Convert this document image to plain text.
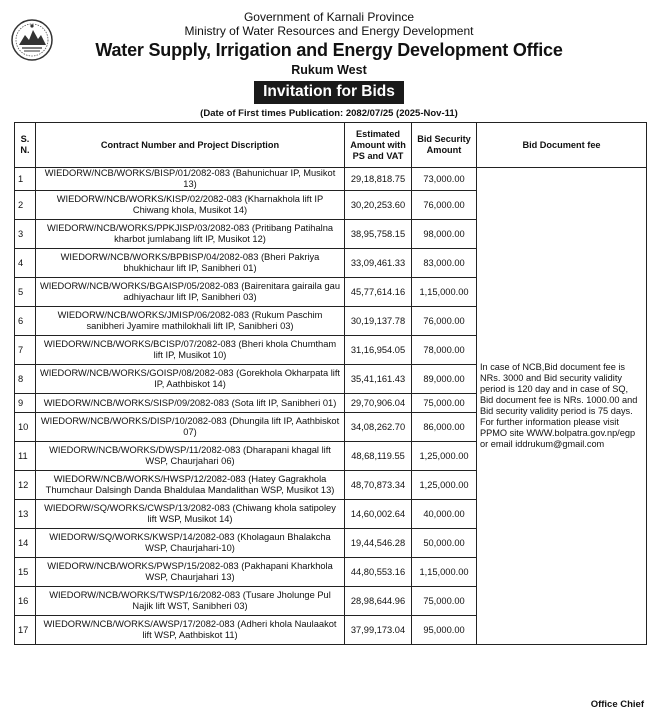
Government of Karnali Province
Ministry of Water Resources and Energy Development
Water Supply, Irrigation and Energy Development Office
Rukum West
Invitation for Bids
(Date of First times Publication: 2082/07/25 (2025-Nov-11)
S. N.	Contract Number and Project Discription	Estimated Amount with PS and VAT	Bid Security Amount	Bid Document fee
1	WIEDORW/NCB/WORKS/BISP/01/2082-083 (Bahunichuar IP, Musikot 13)	29,18,818.75	73,000.00	In case of NCB,Bid document fee is NRs. 3000 and Bid security validity period is 120 day and in case of SQ, Bid document fee is NRs. 1000.00 and Bid security validity period is 75 days. For further information please visit PPMO site WWW.bolpatra.gov.np/egp or email iddrukum@gmail.com
2	WIEDORW/NCB/WORKS/KISP/02/2082-083 (Kharnakhola lift IP Chiwang khola, Musikot 14)	30,20,253.60	76,000.00	
3	WIEDORW/NCB/WORKS/PPKJISP/03/2082-083 (Pritibang Patihalna kharbot jumlabang lift IP, Musikot 12)	38,95,758.15	98,000.00	
4	WIEDORW/NCB/WORKS/BPBISP/04/2082-083 (Bheri Pakriya bhukhichaur lift IP, Sanibheri 01)	33,09,461.33	83,000.00	
5	WIEDORW/NCB/WORKS/BGAISP/05/2082-083 (Bairenitara gairaila gau adhiyachaur lift IP, Sanibheri 03)	45,77,614.16	1,15,000.00	
6	WIEDORW/NCB/WORKS/JMISP/06/2082-083 (Rukum Paschim sanibheri Jyamire mathilokhali lift IP, Sanibheri 03)	30,19,137.78	76,000.00	
7	WIEDORW/NCB/WORKS/BCISP/07/2082-083 (Bheri khola Chumtham lift IP, Musikot 10)	31,16,954.05	78,000.00	
8	WIEDORW/NCB/WORKS/GOISP/08/2082-083 (Gorekhola Okharpata lift IP, Aathbiskot 14)	35,41,161.43	89,000.00	
9	WIEDORW/NCB/WORKS/SISP/09/2082-083 (Sota lift IP, Sanibheri 01)	29,70,906.04	75,000.00	
10	WIEDORW/NCB/WORKS/DISP/10/2082-083 (Dhungila lift IP, Aathbiskot 07)	34,08,262.70	86,000.00	
11	WIEDORW/NCB/WORKS/DWSP/11/2082-083 (Dharapani khagal lift WSP, Chaurjahari 06)	48,68,119.55	1,25,000.00	
12	WIEDORW/NCB/WORKS/HWSP/12/2082-083 (Hatey Gagrakhola Thumchaur Dalsingh Danda Bhaldulaa Mandalithan WSP, Musikot 13)	48,70,873.34	1,25,000.00	
13	WIEDORW/SQ/WORKS/CWSP/13/2082-083 (Chiwang khola satipoley lift WSP, Musikot 14)	14,60,002.64	40,000.00	
14	WIEDORW/SQ/WORKS/KWSP/14/2082-083 (Kholagaun Bhalakcha WSP, Chaurjahari-10)	19,44,546.28	50,000.00	
15	WIEDORW/NCB/WORKS/PWSP/15/2082-083 (Pakhapani Kharkhola WSP, Chaurjahari 13)	44,80,553.16	1,15,000.00	
16	WIEDORW/NCB/WORKS/TWSP/16/2082-083 (Tusare Jholunge Pul Najik lift WST, Sanibheri 03)	28,98,644.96	75,000.00	
17	WIEDORW/NCB/WORKS/AWSP/17/2082-083 (Adheri khola Naulaakot lift WSP, Aathbiskot 11)	37,99,173.04	95,000.00	
Office Chief
